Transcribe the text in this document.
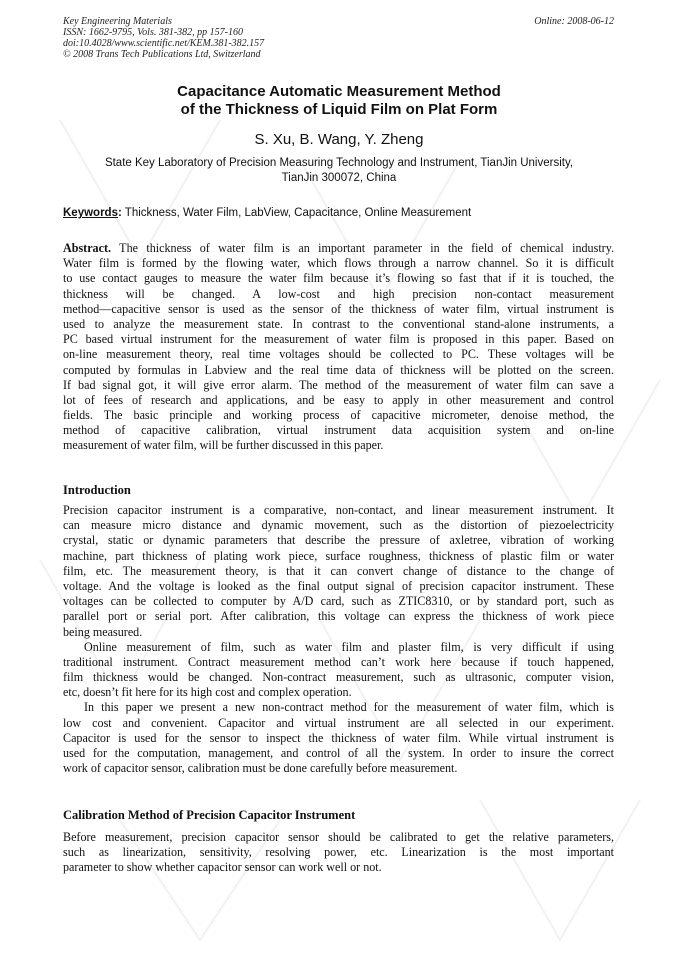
Key Engineering Materials
ISSN: 1662-9795, Vols. 381-382, pp 157-160
doi:10.4028/www.scientific.net/KEM.381-382.157
© 2008 Trans Tech Publications Ltd, Switzerland
Online: 2008-06-12
Capacitance Automatic Measurement Method
of the Thickness of Liquid Film on Plat Form
S. Xu, B. Wang, Y. Zheng
State Key Laboratory of Precision Measuring Technology and Instrument, TianJin University,
TianJin 300072, China
Keywords: Thickness, Water Film, LabView, Capacitance, Online Measurement
Abstract. The thickness of water film is an important parameter in the field of chemical industry.
Water film is formed by the flowing water, which flows through a narrow channel. So it is difficult
to use contact gauges to measure the water film because it’s flowing so fast that if it is touched, the
thickness will be changed. A low-cost and high precision non-contact measurement
method—capacitive sensor is used as the sensor of the thickness of water film, virtual instrument is
used to analyze the measurement state. In contrast to the conventional stand-alone instruments, a
PC based virtual instrument for the measurement of water film is proposed in this paper. Based on
on-line measurement theory, real time voltages should be collected to PC. These voltages will be
computed by formulas in Labview and the real time data of thickness will be plotted on the screen.
If bad signal got, it will give error alarm. The method of the measurement of water film can save a
lot of fees of research and applications, and be easy to apply in other measurement and control
fields. The basic principle and working process of capacitive micrometer, denoise method, the
method of capacitive calibration, virtual instrument data acquisition system and on-line
measurement of water film, will be further discussed in this paper.
Introduction
Precision capacitor instrument is a comparative, non-contact, and linear measurement instrument. It
can measure micro distance and dynamic movement, such as the distortion of piezoelectricity
crystal, static or dynamic parameters that describe the pressure of axletree, vibration of working
machine, part thickness of plating work piece, surface roughness, thickness of plastic film or water
film, etc. The measurement theory, is that it can convert change of distance to the change of
voltage. And the voltage is looked as the final output signal of precision capacitor instrument. These
voltages can be collected to computer by A/D card, such as ZTIC8310, or by standard port, such as
parallel port or serial port. After calibration, this voltage can express the thickness of work piece
being measured.
Online measurement of film, such as water film and plaster film, is very difficult if using
traditional instrument. Contract measurement method can’t work here because if touch happened,
film thickness would be changed. Non-contract measurement, such as ultrasonic, computer vision,
etc, doesn’t fit here for its high cost and complex operation.
In this paper we present a new non-contract method for the measurement of water film, which is
low cost and convenient. Capacitor and virtual instrument are all selected in our experiment.
Capacitor is used for the sensor to inspect the thickness of water film. While virtual instrument is
used for the computation, management, and control of all the system. In order to insure the correct
work of capacitor sensor, calibration must be done carefully before measurement.
Calibration Method of Precision Capacitor Instrument
Before measurement, precision capacitor sensor should be calibrated to get the relative parameters,
such as linearization, sensitivity, resolving power, etc. Linearization is the most important
parameter to show whether capacitor sensor can work well or not.
